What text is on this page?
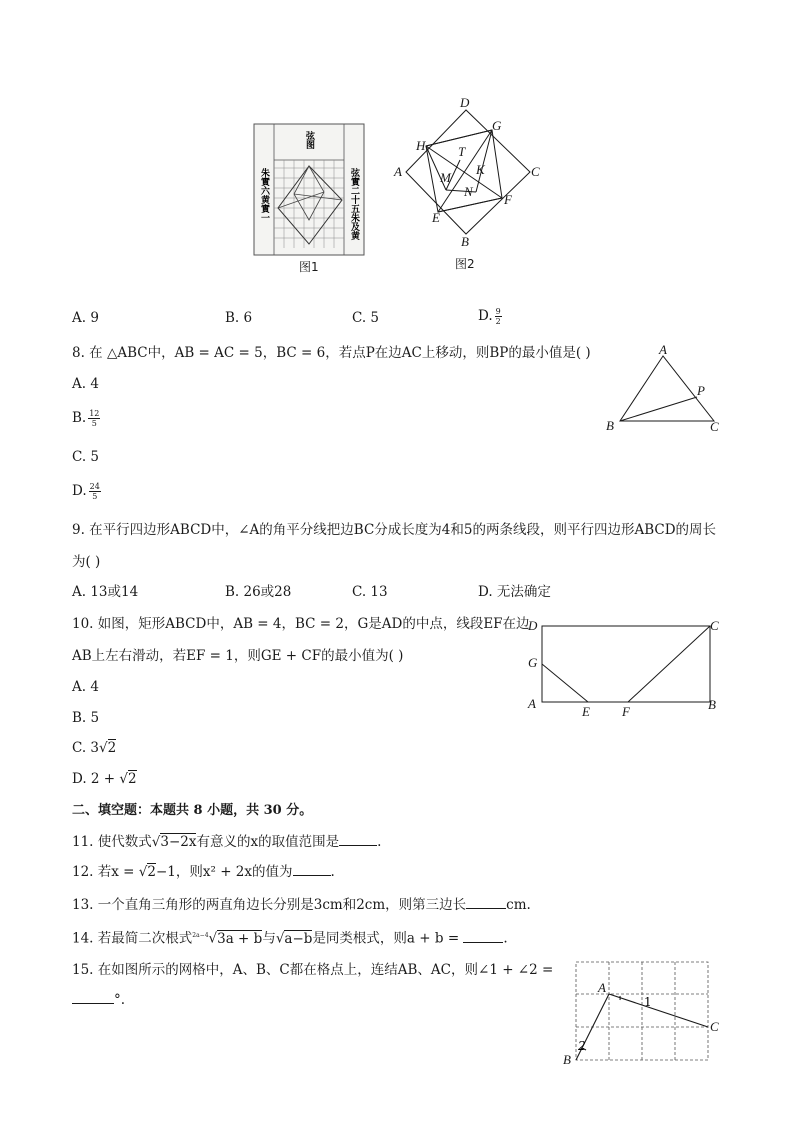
弦图
朱實六黄實一	弦實二十五朱及黄
图1
D
G
H	T
C
A	K
M
N
E
F
B
图2
A. 9	B. 6	C. 5	D. $\frac{9}{2}$
8. 在 △ABC中，AB = AC = 5，BC = 6，若点P在边AC上移动，则BP的最小值是( )
A. 4
B. $\frac{12}{5}$
C. 5
D. $\frac{24}{5}$
A
P
B	C
9. 在平行四边形ABCD中，∠A的角平分线把边BC分成长度为4和5的两条线段，则平行四边形ABCD的周长
为( )
A. 13或14	B. 26或28	C. 13	D. 无法确定
10. 如图，矩形ABCD中，AB = 4，BC = 2，G是AD的中点，线段EF在边
AB上左右滑动，若EF = 1，则GE + CF的最小值为( )
A. 4
B. 5
C. 3√2
D. 2 + √2
D	C
G
A
E F	B
二、填空题：本题共 8 小题，共 30 分。
11. 使代数式√3−2x有意义的x的取值范围是	.
12. 若x = √2−1，则x² + 2x的值为	.
13. 一个直角三角形的两直角边长分别是3cm和2cm，则第三边长	cm.
14. 若最简二次根式$^{2a-4}$√3a + b与√a−b是同类根式，则a + b =	.
15. 在如图所示的网格中，A、B、C都在格点上，连结AB、AC，则∠1 + ∠2 =
°.
A
1
C
2
B
